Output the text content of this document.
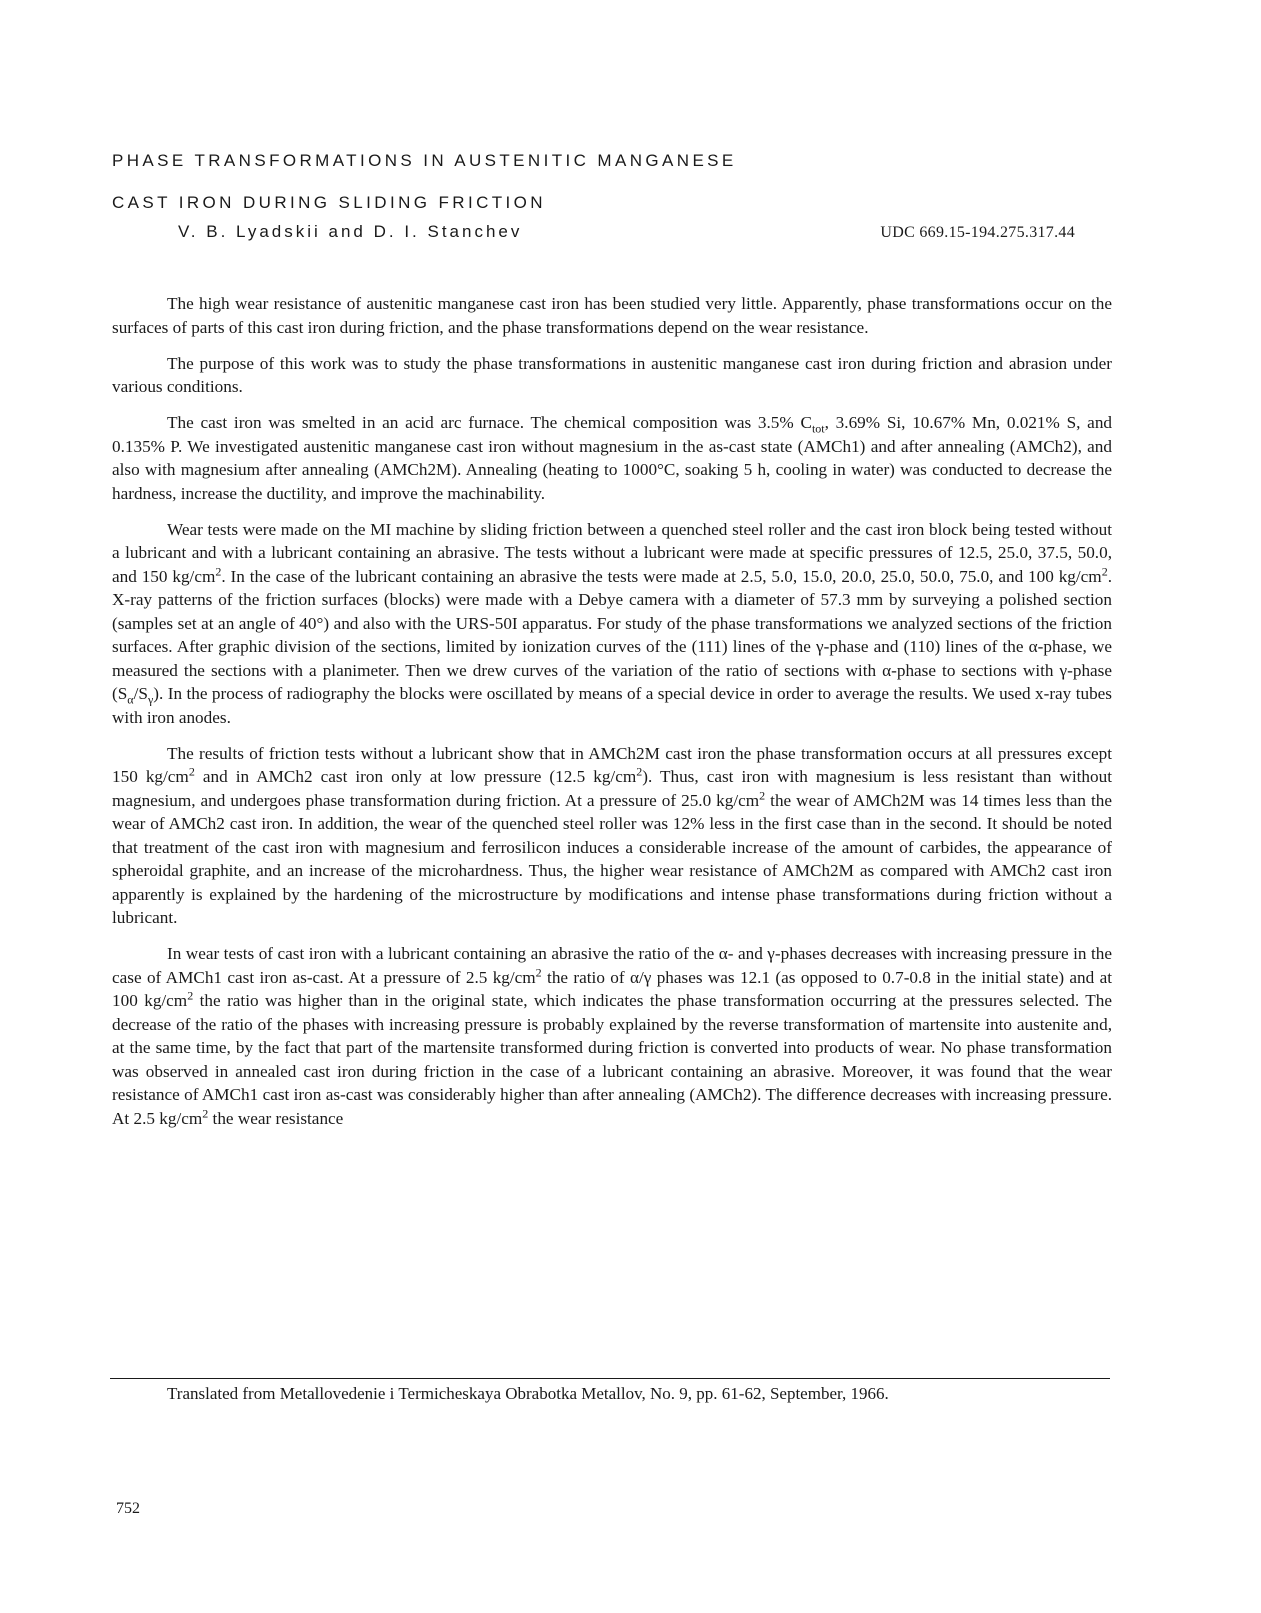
PHASE TRANSFORMATIONS IN AUSTENITIC MANGANESE
CAST IRON DURING SLIDING FRICTION
V. B. Lyadskii and D. I. Stanchev	UDC 669.15-194.275.317.44

The high wear resistance of austenitic manganese cast iron has been studied very little. Apparently, phase transformations occur on the surfaces of parts of this cast iron during friction, and the phase transformations depend on the wear resistance.

The purpose of this work was to study the phase transformations in austenitic manganese cast iron during friction and abrasion under various conditions.

The cast iron was smelted in an acid arc furnace. The chemical composition was 3.5% $C_{tot}$, 3.69% Si, 10.67% Mn, 0.021% S, and 0.135% P. We investigated austenitic manganese cast iron without magnesium in the as-cast state (AMCh1) and after annealing (AMCh2), and also with magnesium after annealing (AMCh2M). Annealing (heating to 1000°C, soaking 5 h, cooling in water) was conducted to decrease the hardness, increase the ductility, and improve the machinability.

Wear tests were made on the MI machine by sliding friction between a quenched steel roller and the cast iron block being tested without a lubricant and with a lubricant containing an abrasive. The tests without a lubricant were made at specific pressures of 12.5, 25.0, 37.5, 50.0, and 150 $kg/cm^2$. In the case of the lubricant containing an abrasive the tests were made at 2.5, 5.0, 15.0, 20.0, 25.0, 50.0, 75.0, and 100 $kg/cm^2$. X-ray patterns of the friction surfaces (blocks) were made with a Debye camera with a diameter of 57.3 mm by surveying a polished section (samples set at an angle of 40°) and also with the URS-50I apparatus. For study of the phase transformations we analyzed sections of the friction surfaces. After graphic division of the sections, limited by ionization curves of the (111) lines of the γ-phase and (110) lines of the α-phase, we measured the sections with a planimeter. Then we drew curves of the variation of the ratio of sections with α-phase to sections with γ-phase $(S_\alpha/S_\gamma)$. In the process of radiography the blocks were oscillated by means of a special device in order to average the results. We used x-ray tubes with iron anodes.

The results of friction tests without a lubricant show that in AMCh2M cast iron the phase transformation occurs at all pressures except 150 $kg/cm^2$ and in AMCh2 cast iron only at low pressure (12.5 $kg/cm^2$). Thus, cast iron with magnesium is less resistant than without magnesium, and undergoes phase transformation during friction. At a pressure of 25.0 $kg/cm^2$ the wear of AMCh2M was 14 times less than the wear of AMCh2 cast iron. In addition, the wear of the quenched steel roller was 12% less in the first case than in the second. It should be noted that treatment of the cast iron with magnesium and ferrosilicon induces a considerable increase of the amount of carbides, the appearance of spheroidal graphite, and an increase of the microhardness. Thus, the higher wear resistance of AMCh2M as compared with AMCh2 cast iron apparently is explained by the hardening of the microstructure by modifications and intense phase transformations during friction without a lubricant.

In wear tests of cast iron with a lubricant containing an abrasive the ratio of the α- and γ-phases decreases with increasing pressure in the case of AMCh1 cast iron as-cast. At a pressure of 2.5 $kg/cm^2$ the ratio of α/γ phases was 12.1 (as opposed to 0.7-0.8 in the initial state) and at 100 $kg/cm^2$ the ratio was higher than in the original state, which indicates the phase transformation occurring at the pressures selected. The decrease of the ratio of the phases with increasing pressure is probably explained by the reverse transformation of martensite into austenite and, at the same time, by the fact that part of the martensite transformed during friction is converted into products of wear. No phase transformation was observed in annealed cast iron during friction in the case of a lubricant containing an abrasive. Moreover, it was found that the wear resistance of AMCh1 cast iron as-cast was considerably higher than after annealing (AMCh2). The difference decreases with increasing pressure. At 2.5 $kg/cm^2$ the wear resistance

Translated from Metallovedenie i Termicheskaya Obrabotka Metallov, No. 9, pp. 61-62, September, 1966.

752
